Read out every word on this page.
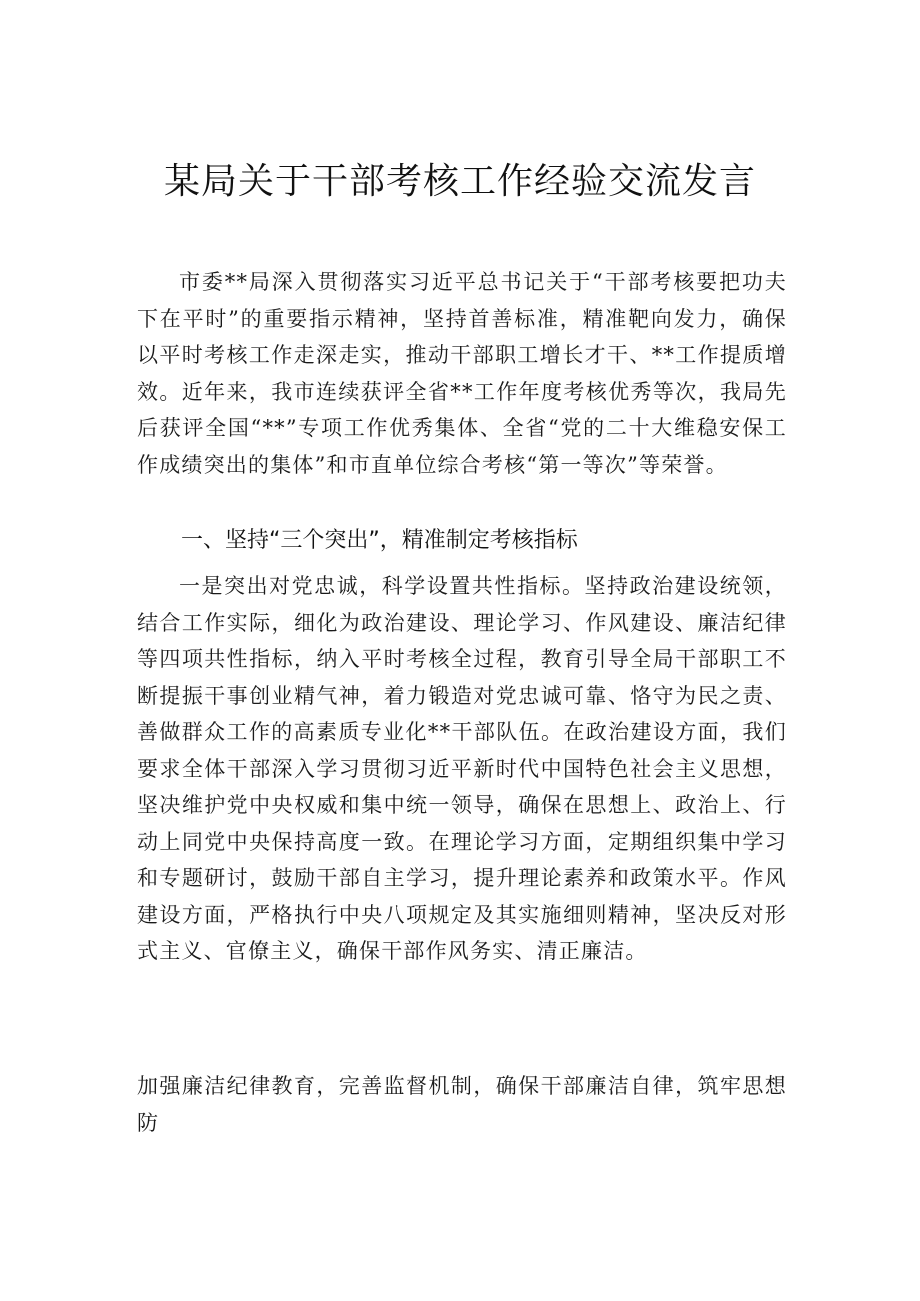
某局关于干部考核工作经验交流发言

市委**局深入贯彻落实习近平总书记关于“干部考核要把功夫下在平时”的重要指示精神，坚持首善标准，精准靶向发力，确保以平时考核工作走深走实，推动干部职工增长才干、**工作提质增效。近年来，我市连续获评全省**工作年度考核优秀等次，我局先后获评全国“**”专项工作优秀集体、全省“党的二十大维稳安保工作成绩突出的集体”和市直单位综合考核“第一等次”等荣誉。

一、坚持“三个突出”，精准制定考核指标

一是突出对党忠诚，科学设置共性指标。坚持政治建设统领，结合工作实际，细化为政治建设、理论学习、作风建设、廉洁纪律等四项共性指标，纳入平时考核全过程，教育引导全局干部职工不断提振干事创业精气神，着力锻造对党忠诚可靠、恪守为民之责、善做群众工作的高素质专业化**干部队伍。在政治建设方面，我们要求全体干部深入学习贯彻习近平新时代中国特色社会主义思想，坚决维护党中央权威和集中统一领导，确保在思想上、政治上、行动上同党中央保持高度一致。在理论学习方面，定期组织集中学习和专题研讨，鼓励干部自主学习，提升理论素养和政策水平。作风建设方面，严格执行中央八项规定及其实施细则精神，坚决反对形式主义、官僚主义，确保干部作风务实、清正廉洁。

加强廉洁纪律教育，完善监督机制，确保干部廉洁自律，筑牢思想防
